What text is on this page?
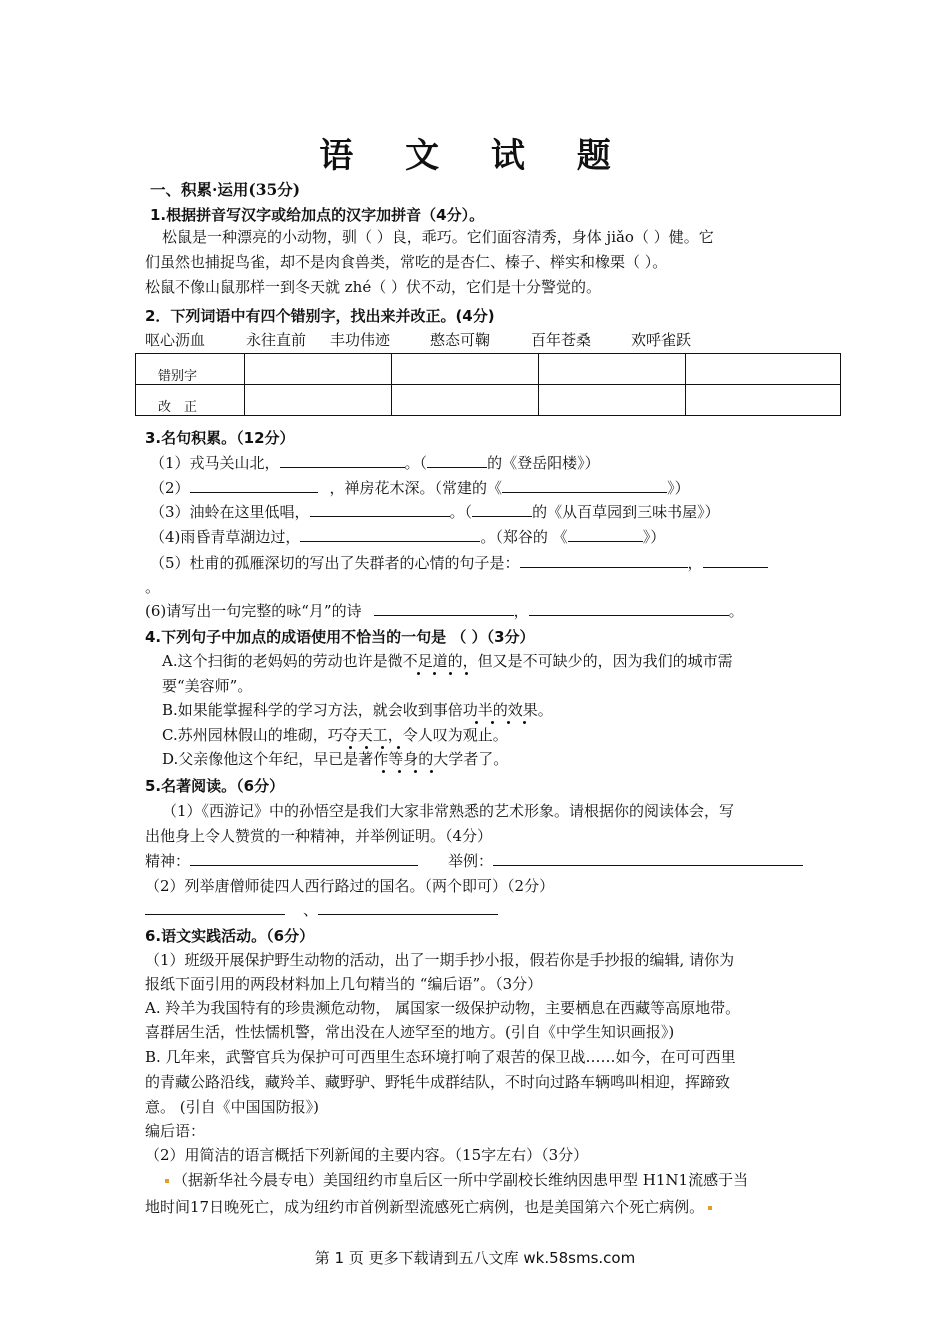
语 文 试 题
一、积累·运用(35分)
1.根据拼音写汉字或给加点的汉字加拼音（4分）。
松鼠是一种漂亮的小动物，驯（ ）良，乖巧。它们面容清秀，身体 jiǎo（ ）健。它
们虽然也捕捉鸟雀，却不是肉食兽类，常吃的是杏仁、榛子、榉实和橡栗（ ）。
松鼠不像山鼠那样一到冬天就 zhé（ ）伏不动，它们是十分警觉的。
2．下列词语中有四个错别字，找出来并改正。(4分)
呕心沥血	永往直前 丰功伟迹	憨态可鞠	百年苍桑	欢呼雀跃
错别字				
改　正				
3.名句积累。（12分）
（1）戎马关山北，	。（	的《登岳阳楼》）
（2）	，禅房花木深。（常建的《	》）
（3）油蛉在这里低唱，	。（	的《从百草园到三味书屋》）
（4)雨昏青草湖边过，	。（郑谷的 《	》）
（5）杜甫的孤雁深切的写出了失群者的心情的句子是：	，
。
(6)请写出一句完整的咏“月”的诗	，	。
4.下列句子中加点的成语使用不恰当的一句是 （ ）（3分）
A.这个扫街的老妈妈的劳动也许是微不足道的，但又是不可缺少的，因为我们的城市需
要“美容师”。
B.如果能掌握科学的学习方法，就会收到事倍功半的效果。
C.苏州园林假山的堆砌，巧夺天工，令人叹为观止。
D.父亲像他这个年纪，早已是著作等身的大学者了。
5.名著阅读。（6分）
（1）《西游记》中的孙悟空是我们大家非常熟悉的艺术形象。请根据你的阅读体会，写
出他身上令人赞赏的一种精神，并举例证明。（4分）
精神：	举例：
（2）列举唐僧师徒四人西行路过的国名。（两个即可）（2分）
、
6.语文实践活动。（6分）
（1）班级开展保护野生动物的活动，出了一期手抄小报，假若你是手抄报的编辑, 请你为
报纸下面引用的两段材料加上几句精当的 “编后语”。（3分）
A. 羚羊为我国特有的珍贵濒危动物， 属国家一级保护动物，主要栖息在西藏等高原地带。
喜群居生活，性怯懦机警，常出没在人迹罕至的地方。(引自《中学生知识画报》)
B. 几年来，武警官兵为保护可可西里生态环境打响了艰苦的保卫战……如今，在可可西里
的青藏公路沿线，藏羚羊、藏野驴、野牦牛成群结队，不时向过路车辆鸣叫相迎，挥蹄致
意。 (引自《中国国防报》)
编后语：
（2）用简洁的语言概括下列新闻的主要内容。（15字左右）（3分）
（据新华社今晨专电）美国纽约市皇后区一所中学副校长维纳因患甲型 H1N1流感于当
地时间17日晚死亡，成为纽约市首例新型流感死亡病例，也是美国第六个死亡病例。
第 1 页 更多下载请到五八文库 wk.58sms.com
